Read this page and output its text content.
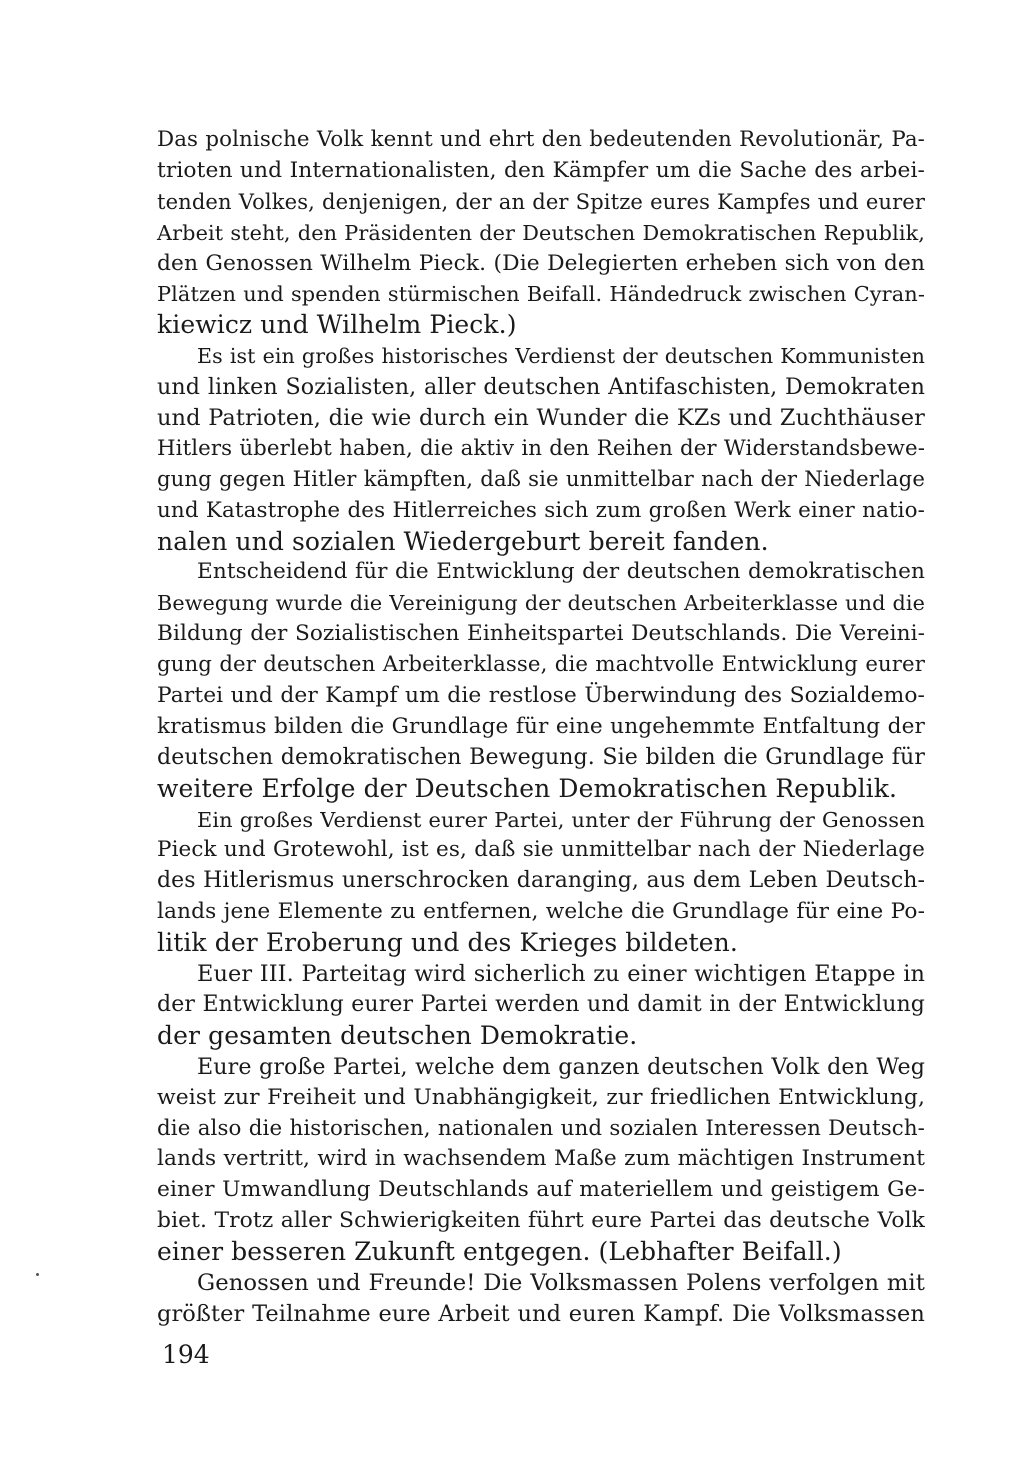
Das polnische Volk kennt und ehrt den bedeutenden Revolutionär, Pa-
trioten und Internationalisten, den Kämpfer um die Sache des arbei-
tenden Volkes, denjenigen, der an der Spitze eures Kampfes und eurer
Arbeit steht, den Präsidenten der Deutschen Demokratischen Republik,
den Genossen Wilhelm Pieck. (Die Delegierten erheben sich von den
Plätzen und spenden stürmischen Beifall. Händedruck zwischen Cyran-
kiewicz und Wilhelm Pieck.)
Es ist ein großes historisches Verdienst der deutschen Kommunisten
und linken Sozialisten, aller deutschen Antifaschisten, Demokraten
und Patrioten, die wie durch ein Wunder die KZs und Zuchthäuser
Hitlers überlebt haben, die aktiv in den Reihen der Widerstandsbewe-
gung gegen Hitler kämpften, daß sie unmittelbar nach der Niederlage
und Katastrophe des Hitlerreiches sich zum großen Werk einer natio-
nalen und sozialen Wiedergeburt bereit fanden.
Entscheidend für die Entwicklung der deutschen demokratischen
Bewegung wurde die Vereinigung der deutschen Arbeiterklasse und die
Bildung der Sozialistischen Einheitspartei Deutschlands. Die Vereini-
gung der deutschen Arbeiterklasse, die machtvolle Entwicklung eurer
Partei und der Kampf um die restlose Überwindung des Sozialdemo-
kratismus bilden die Grundlage für eine ungehemmte Entfaltung der
deutschen demokratischen Bewegung. Sie bilden die Grundlage für
weitere Erfolge der Deutschen Demokratischen Republik.
Ein großes Verdienst eurer Partei, unter der Führung der Genossen
Pieck und Grotewohl, ist es, daß sie unmittelbar nach der Niederlage
des Hitlerismus unerschrocken daranging, aus dem Leben Deutsch-
lands jene Elemente zu entfernen, welche die Grundlage für eine Po-
litik der Eroberung und des Krieges bildeten.
Euer III. Parteitag wird sicherlich zu einer wichtigen Etappe in
der Entwicklung eurer Partei werden und damit in der Entwicklung
der gesamten deutschen Demokratie.
Eure große Partei, welche dem ganzen deutschen Volk den Weg
weist zur Freiheit und Unabhängigkeit, zur friedlichen Entwicklung,
die also die historischen, nationalen und sozialen Interessen Deutsch-
lands vertritt, wird in wachsendem Maße zum mächtigen Instrument
einer Umwandlung Deutschlands auf materiellem und geistigem Ge-
biet. Trotz aller Schwierigkeiten führt eure Partei das deutsche Volk
einer besseren Zukunft entgegen. (Lebhafter Beifall.)
Genossen und Freunde! Die Volksmassen Polens verfolgen mit
größter Teilnahme eure Arbeit und euren Kampf. Die Volksmassen
194
